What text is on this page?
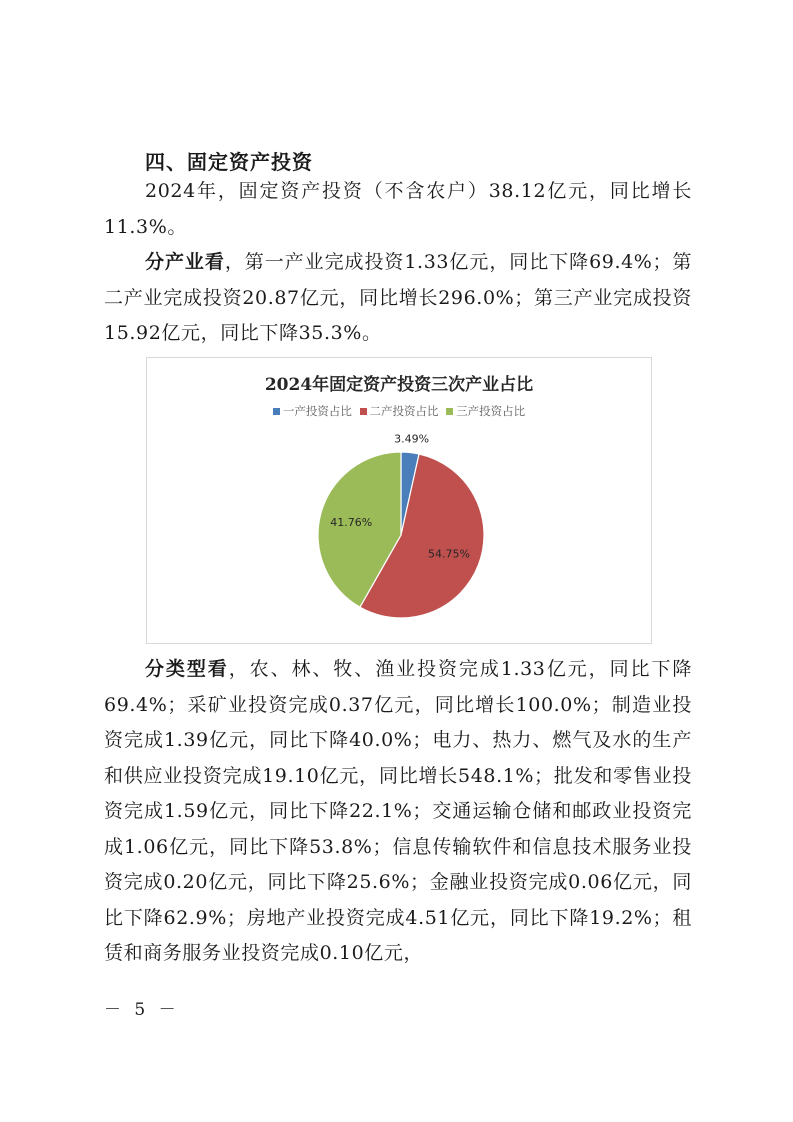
四、固定资产投资

2024年，固定资产投资（不含农户）38.12亿元，同比增长11.3%。

分产业看，第一产业完成投资1.33亿元，同比下降69.4%；第二产业完成投资20.87亿元，同比增长296.0%；第三产业完成投资15.92亿元，同比下降35.3%。

2024年固定资产投资三次产业占比
一产投资占比
二产投资占比
三产投资占比
3.49%
54.75%
41.76%

分类型看，农、林、牧、渔业投资完成1.33亿元，同比下降69.4%；采矿业投资完成0.37亿元，同比增长100.0%；制造业投资完成1.39亿元，同比下降40.0%；电力、热力、燃气及水的生产和供应业投资完成19.10亿元，同比增长548.1%；批发和零售业投资完成1.59亿元，同比下降22.1%；交通运输仓储和邮政业投资完成1.06亿元，同比下降53.8%；信息传输软件和信息技术服务业投资完成0.20亿元，同比下降25.6%；金融业投资完成0.06亿元，同比下降62.9%；房地产业投资完成4.51亿元，同比下降19.2%；租赁和商务服务业投资完成0.10亿元，

－ 5 －
